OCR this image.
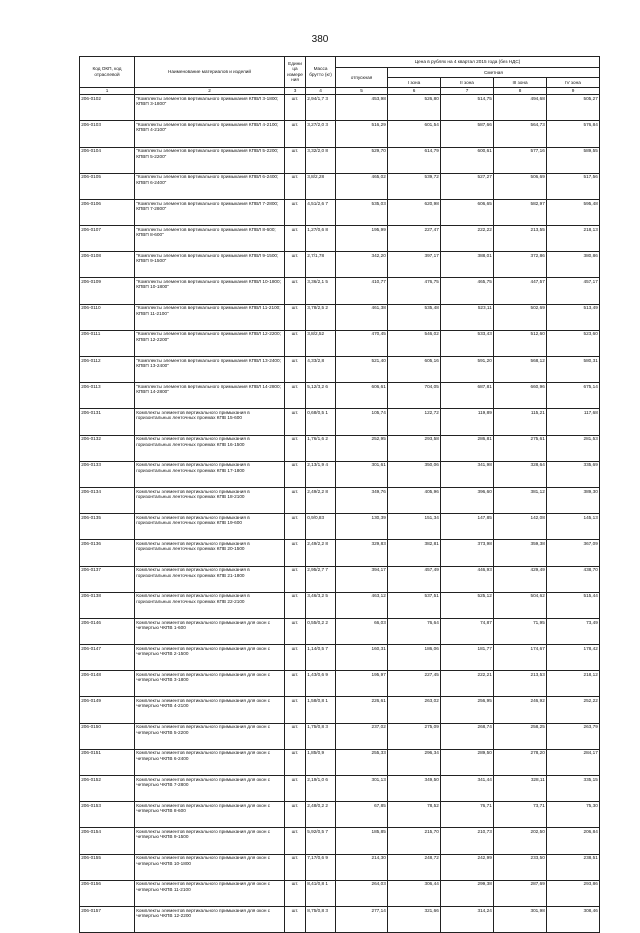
380
Код ОКП, код отраслевой	Наименование материалов и изделий	Едини ца измере ния	Масса брутто (кг)	Цена в рублях на 4 квартал 2015 года (без НДС)				
				отпускная	Сметная			
					I зона	II зона	III зона	IV зона
1	2	3	4	5	6	7	8	9
206-0102	"Комплекты элементов вертикального примыкания КПВЛ 3-1800; КПВП 3-1800"	шт.	2,94/1,7 3	453,98	526,80	514,75	494,68	505,27
206-0103	"Комплекты элементов вертикального примыкания КПВЛ 4-2100; КПВП 4-2100"	шт.	3,27/2,0 3	516,29	601,54	587,66	564,73	576,84
206-0104	"Комплекты элементов вертикального примыкания КПВЛ 5-2200; КПВП 5-2200"	шт.	3,32/2,0 8	529,70	614,79	600,61	577,16	589,55
206-0105	"Комплекты элементов вертикального примыкания КПВЛ 6-2400; КПВП 6-2400"	шт.	3,8/2,28	465,02	539,72	527,27	506,69	517,56
206-0106	"Комплекты элементов вертикального примыкания КПВЛ 7-2800; КПВП 7-2800"	шт.	4,51/2,6 7	535,03	620,98	606,65	582,97	595,48
206-0107	"Комплекты элементов вертикального примыкания КПВЛ 8-600; КПВП 8-600"	шт.	1,27/0,6 8	195,99	227,47	222,22	213,55	218,13
206-0108	"Комплекты элементов вертикального примыкания КПВЛ 9-1500; КПВП 9-1500"	шт.	2,7/1,78	342,20	397,17	388,01	372,86	380,86
206-0109	"Комплекты элементов вертикального примыкания КПВЛ 10-1800; КПВП 10-1800"	шт.	3,36/2,1 5	410,77	476,75	465,75	447,57	457,17
206-0110	"Комплекты элементов вертикального примыкания КПВЛ 11-2100; КПВП 11-2100"	шт.	3,78/2,5 2	461,38	535,48	523,11	502,69	513,49
206-0111	"Комплекты элементов вертикального примыкания КПВЛ 12-2200; КПВП 12-2200"	шт.	3,8/2,52	470,45	546,02	533,43	512,60	523,60
206-0112	"Комплекты элементов вертикального примыкания КПВЛ 13-2400; КПВП 13-2400"	шт.	4,33/2,8	521,40	605,16	591,20	568,12	580,31
206-0113	"Комплекты элементов вертикального примыкания КПВЛ 14-2800; КПВП 14-2800"	шт.	5,12/3,2 6	606,61	704,05	687,81	660,96	675,14
206-0131	Комплекты элементов вертикального примыкания в горизонтальных ленточных проемах КПВ 15-600	шт.	0,68/0,5 1	105,74	122,72	119,89	115,21	117,68
206-0132	Комплекты элементов вертикального примыкания в горизонтальных ленточных проемах КПВ 16-1500	шт.	1,76/1,6 2	252,95	293,58	286,81	275,61	281,53
206-0133	Комплекты элементов вертикального примыкания в горизонтальных ленточных проемах КПВ 17-1800	шт.	2,13/1,9 4	301,61	350,06	341,98	328,64	335,69
206-0134	Комплекты элементов вертикального примыкания в горизонтальных ленточных проемах КПВ 18-2100	шт.	2,49/2,2 8	349,76	405,96	396,60	381,12	389,30
206-0135	Комплекты элементов вертикального примыкания в горизонтальных ленточных проемах КПВ 19-600	шт.	0,9/0,83	130,39	151,34	147,85	142,08	145,13
206-0136	Комплекты элементов вертикального примыкания в горизонтальных ленточных проемах КПВ 20-1500	шт.	2,49/2,2 8	329,83	382,81	373,98	359,38	367,09
206-0137	Комплекты элементов вертикального примыкания в горизонтальных ленточных проемах КПВ 21-1800	шт.	2,95/2,7 7	394,17	457,49	446,93	429,49	438,70
206-0138	Комплекты элементов вертикального примыкания в горизонтальных ленточных проемах КПВ 22-2100	шт.	3,46/3,2 5	463,12	537,51	525,12	504,62	515,44
206-0146	Комплекты элементов вертикального примыкания для окон с четвертью ЧКПВ 1-600	шт.	0,55/0,2 2	66,03	76,64	74,87	71,95	73,49
206-0147	Комплекты элементов вертикального примыкания для окон с четвертью ЧКПВ 2-1500	шт.	1,14/0,5 7	160,31	186,06	181,77	174,67	178,42
206-0148	Комплекты элементов вертикального примыкания для окон с четвертью ЧКПВ 3-1800	шт.	1,43/0,6 9	195,97	227,45	222,21	213,53	218,12
206-0149	Комплекты элементов вертикального примыкания для окон с четвертью ЧКПВ 4-2100	шт.	1,58/0,8 1	226,61	263,02	256,95	246,92	252,22
206-0150	Комплекты элементов вертикального примыкания для окон с четвертью ЧКПВ 5-2200	шт.	1,75/0,8 3	237,02	275,09	268,74	258,25	263,79
206-0151	Комплекты элементов вертикального примыкания для окон с четвертью ЧКПВ 6-2400	шт.	1,85/0,9	255,33	296,34	289,50	278,20	284,17
206-0152	Комплекты элементов вертикального примыкания для окон с четвертью ЧКПВ 7-2800	шт.	2,19/1,0 6	301,13	349,50	341,44	328,11	335,15
206-0153	Комплекты элементов вертикального примыкания для окон с четвертью ЧКПВ 8-600	шт.	2,48/0,2 2	67,85	78,52	76,71	73,71	75,30
206-0154	Комплекты элементов вертикального примыкания для окон с четвертью ЧКПВ 9-1500	шт.	5,92/0,5 7	185,85	215,70	210,73	202,50	206,84
206-0155	Комплекты элементов вертикального примыкания для окон с четвертью ЧКПВ 10-1800	шт.	7,17/0,6 9	214,30	248,72	242,99	233,50	238,51
206-0156	Комплекты элементов вертикального примыкания для окон с четвертью ЧКПВ 11-2100	шт.	8,41/0,8 1	264,03	306,44	299,38	287,69	293,86
206-0157	Комплекты элементов вертикального примыкания для окон с четвертью ЧКПВ 12-2200	шт.	8,75/0,8 3	277,14	321,66	314,24	301,98	308,46
